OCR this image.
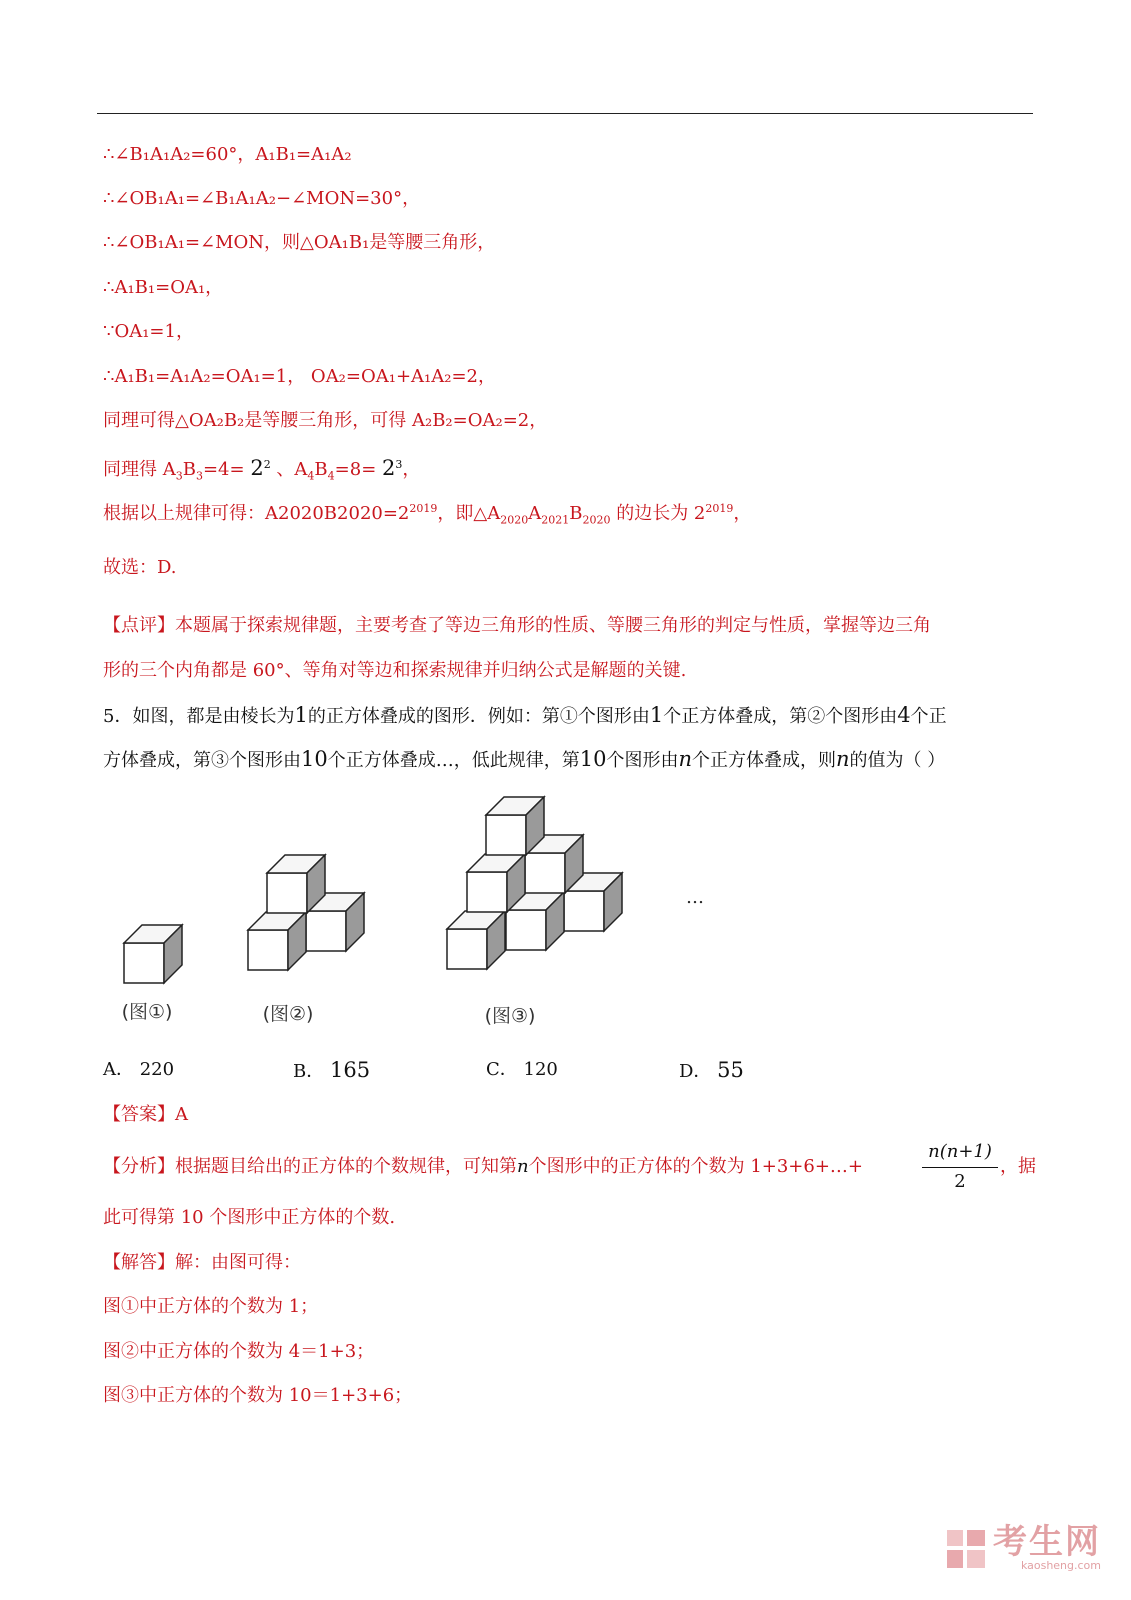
∴∠B₁A₁A₂=60°，A₁B₁=A₁A₂
∴∠OB₁A₁=∠B₁A₁A₂−∠MON=30°，
∴∠OB₁A₁=∠MON，则△OA₁B₁是等腰三角形，
∴A₁B₁=OA₁，
∵OA₁=1，
∴A₁B₁=A₁A₂=OA₁=1， OA₂=OA₁+A₁A₂=2，
同理可得△OA₂B₂是等腰三角形，可得 A₂B₂=OA₂=2，
同理得 $A_3B_3=4= 2^2$ 、$A_4B_4=8= 2^3$，
根据以上规律可得：$A2020B2020=2^{2019}$，即$\triangle A_{2020}A_{2021}B_{2020}$ 的边长为 $2^{2019}$，
故选：D.
【点评】本题属于探索规律题，主要考查了等边三角形的性质、等腰三角形的判定与性质，掌握等边三角
形的三个内角都是 60°、等角对等边和探索规律并归纳公式是解题的关键.
5．如图，都是由棱长为1的正方体叠成的图形．例如：第①个图形由1个正方体叠成，第②个图形由4个正
方体叠成，第③个图形由10个正方体叠成…，低此规律，第10个图形由n个正方体叠成，则n的值为（ ）
(图①)	(图②)	(图③)
…
A． 220	B． 165	C． 120	D． 55
【答案】A
【分析】根据题目给出的正方体的个数规律，可知第n个图形中的正方体的个数为 1+3+6+…+	$\frac{n(n+1)}{2}$ ，据
此可得第 10 个图形中正方体的个数.
【解答】解：由图可得：
图①中正方体的个数为 1；
图②中正方体的个数为 4＝1+3；
图③中正方体的个数为 10＝1+3+6；
考生网
kaosheng.com
